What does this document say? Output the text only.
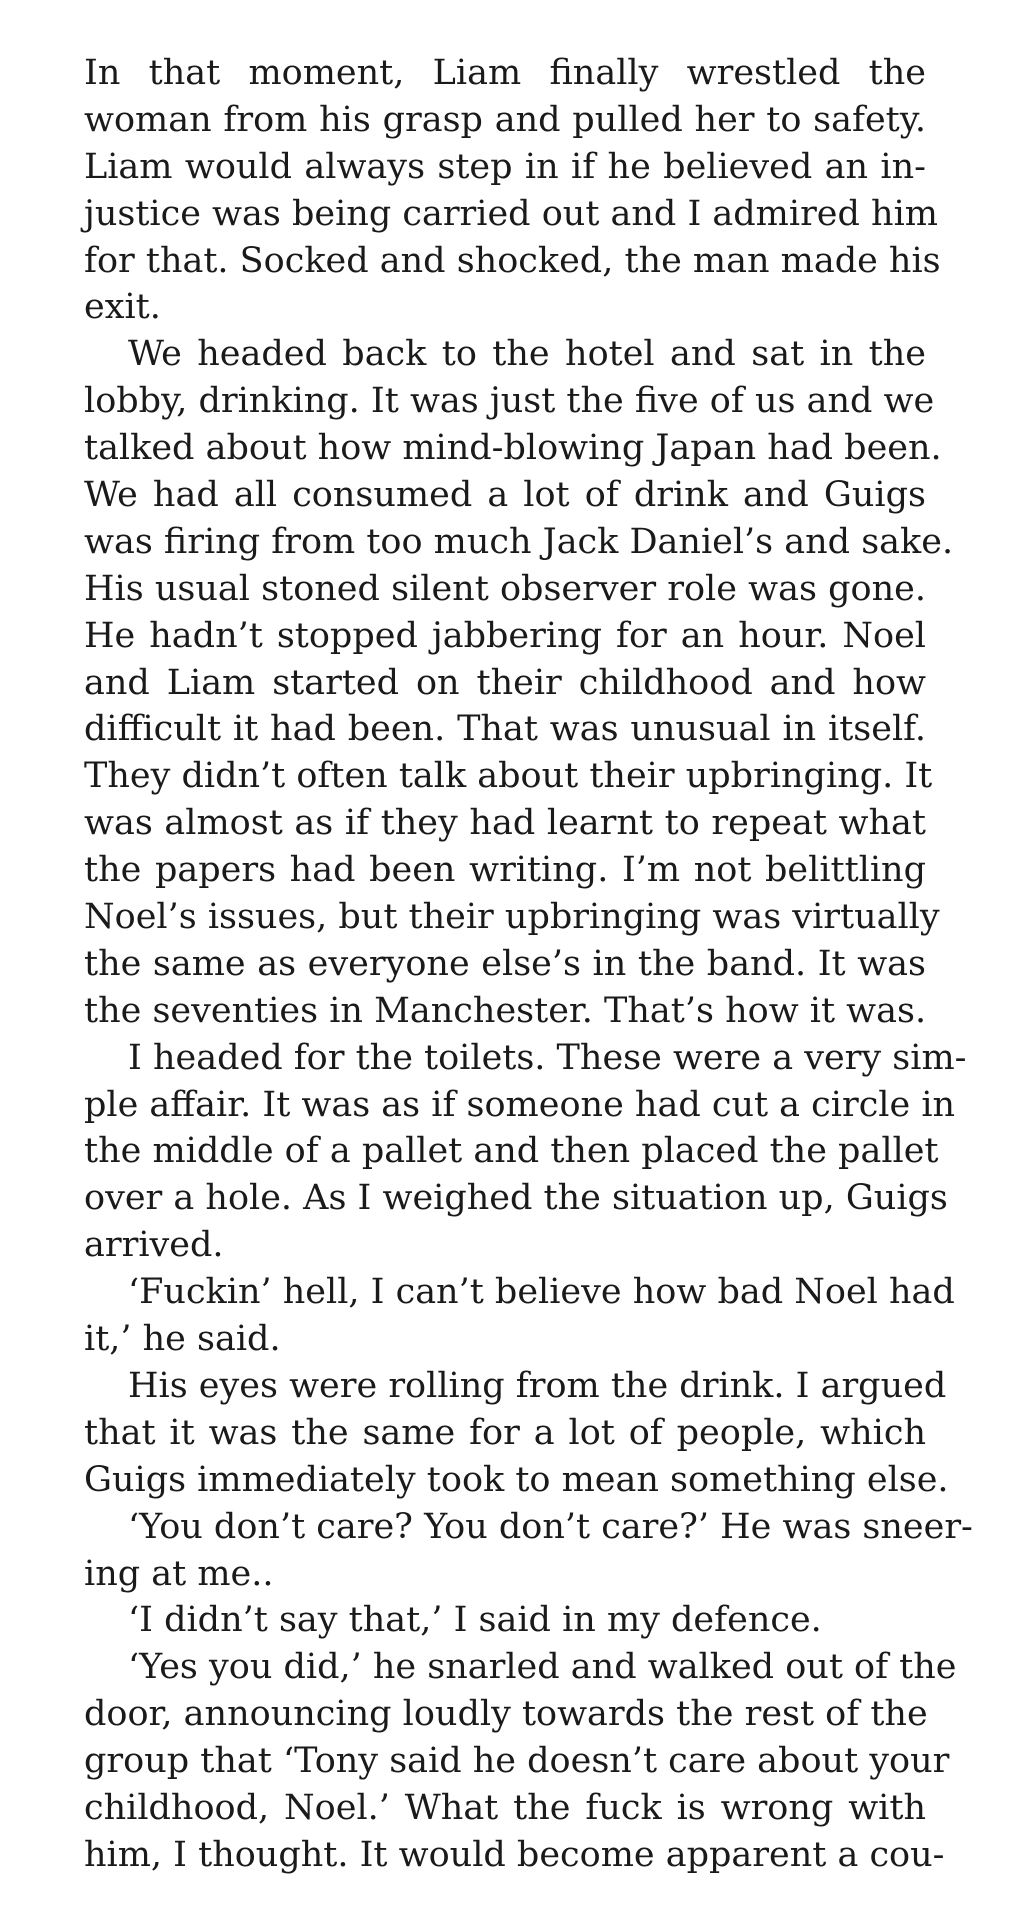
In that moment, Liam finally wrestled the
woman from his grasp and pulled her to safety.
Liam would always step in if he believed an in-
justice was being carried out and I admired him
for that. Socked and shocked, the man made his
exit.
We headed back to the hotel and sat in the
lobby, drinking. It was just the five of us and we
talked about how mind-blowing Japan had been.
We had all consumed a lot of drink and Guigs
was firing from too much Jack Daniel’s and sake.
His usual stoned silent observer role was gone.
He hadn’t stopped jabbering for an hour. Noel
and Liam started on their childhood and how
difficult it had been. That was unusual in itself.
They didn’t often talk about their upbringing. It
was almost as if they had learnt to repeat what
the papers had been writing. I’m not belittling
Noel’s issues, but their upbringing was virtually
the same as everyone else’s in the band. It was
the seventies in Manchester. That’s how it was.
I headed for the toilets. These were a very sim-
ple affair. It was as if someone had cut a circle in
the middle of a pallet and then placed the pallet
over a hole. As I weighed the situation up, Guigs
arrived.
‘Fuckin’ hell, I can’t believe how bad Noel had
it,’ he said.
His eyes were rolling from the drink. I argued
that it was the same for a lot of people, which
Guigs immediately took to mean something else.
‘You don’t care? You don’t care?’ He was sneer-
ing at me..
‘I didn’t say that,’ I said in my defence.
‘Yes you did,’ he snarled and walked out of the
door, announcing loudly towards the rest of the
group that ‘Tony said he doesn’t care about your
childhood, Noel.’ What the fuck is wrong with
him, I thought. It would become apparent a cou-
